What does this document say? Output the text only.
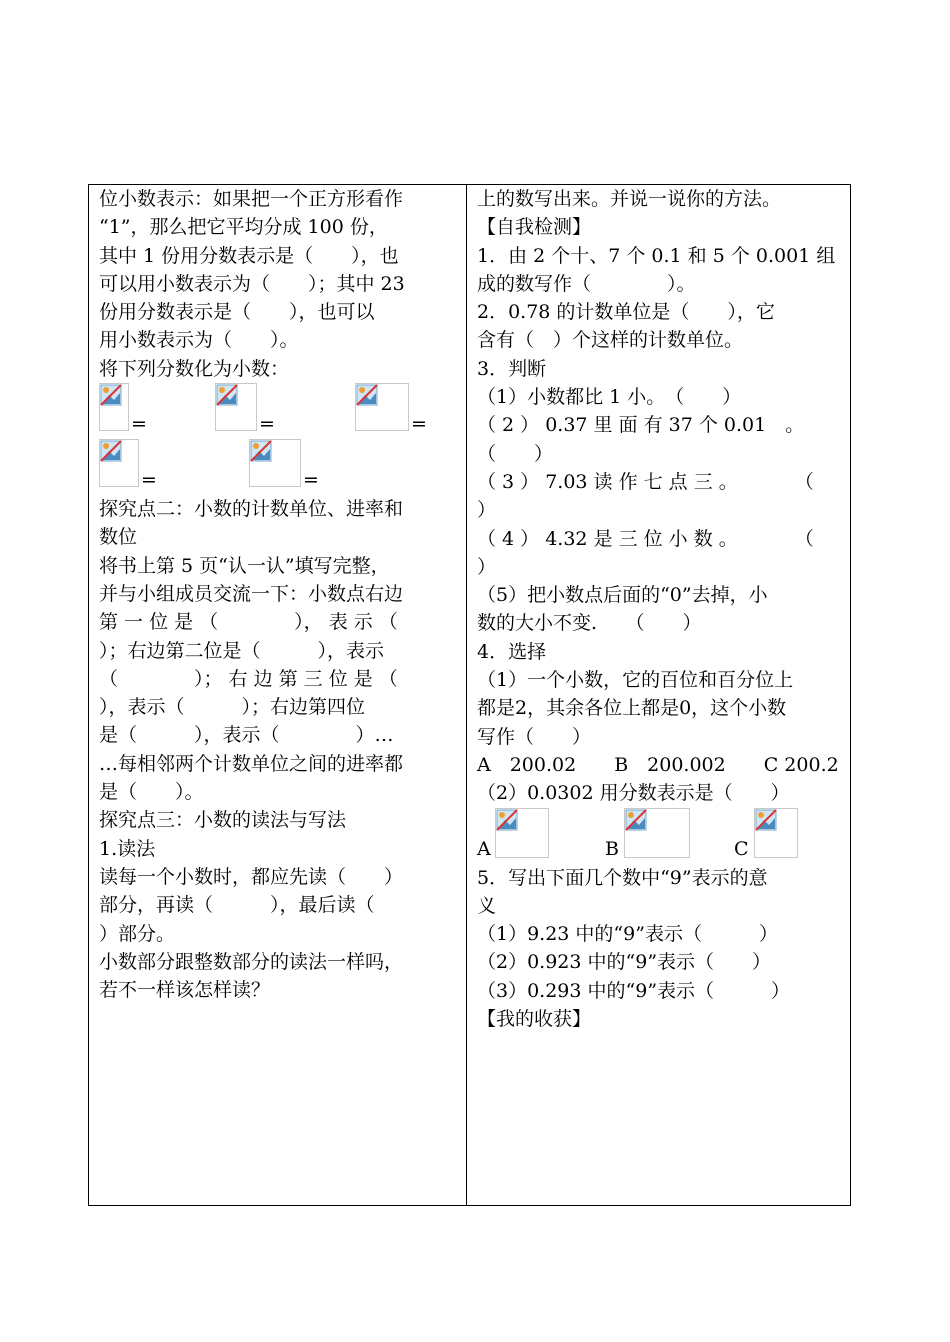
位小数表示：如果把一个正方形看作
“1”，那么把它平均分成 100 份，
其中 1 份用分数表示是（　　），也
可以用小数表示为（　　）；其中 23
份用分数表示是（　　），也可以
用小数表示为（　　）。
将下列分数化为小数：
=	=	=
=	=
探究点二：小数的计数单位、进率和
数位
将书上第 5 页“认一认”填写完整，
并与小组成员交流一下：小数点右边
第 一 位 是 （　　　　）， 表 示 （
）；右边第二位是（　　　），表示
（　　　　）； 右 边 第 三 位 是 （
），表示（　　　）；右边第四位
是（　　　），表示（　　　　）…
…每相邻两个计数单位之间的进率都
是（　　）。
探究点三：小数的读法与写法
1.读法
读每一个小数时，都应先读（　　）
部分，再读（　　　），最后读（
）部分。
小数部分跟整数部分的读法一样吗，
若不一样该怎样读？
上的数写出来。并说一说你的方法。
【自我检测】
1．由 2 个十、7 个 0.1 和 5 个 0.001 组
成的数写作（　　　　）。
2．0.78 的计数单位是（　　），它
含有（　）个这样的计数单位。
3．判断
（1）小数都比 1 小。　（　　）
（ 2 ） 0.37 里 面 有 37 个 0.01　。
（　　）
（ 3 ） 7.03 读 作 七 点 三 。　　　　（
）
（ 4 ） 4.32 是 三 位 小 数 。　　　　（
）
（5）把小数点后面的“0”去掉，小
数的大小不变.　　（　　）
4．选择
（1）一个小数，它的百位和百分位上
都是2，其余各位上都是0，这个小数
写作（　　）
A　200.02　　B　200.002　　C 200.2
（2）0.0302 用分数表示是（　　）
A	B	C
5．写出下面几个数中“9”表示的意
义
（1）9.23 中的“9”表示（　　　）
（2）0.923 中的“9”表示（　　）
（3）0.293 中的“9”表示（　　　）
【我的收获】
